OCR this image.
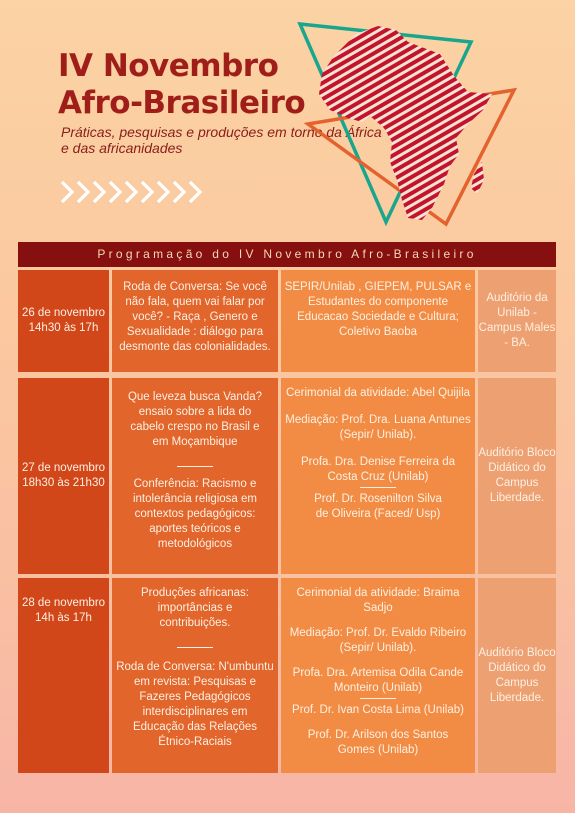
IV Novembro
Afro-Brasileiro
Práticas, pesquisas e produções em torno da África e das africanidades
Programação do IV Novembro Afro-Brasileiro
26 de novembro
14h30 às 17h
Roda de Conversa: Se você
não fala, quem vai falar por
você? - Raça , Genero e
Sexualidade : diálogo para
desmonte das colonialidades.
SEPIR/Unilab , GIEPEM, PULSAR e
Estudantes do componente
Educacao Sociedade e Cultura;
Coletivo Baoba
Auditório da
Unilab -
Campus Males
- BA.
27 de novembro
18h30 às 21h30
Que leveza busca Vanda?
ensaio sobre a lida do
cabelo crespo no Brasil e
em Moçambique
Conferência: Racismo e
intolerância religiosa em
contextos pedagógicos:
aportes teóricos e
metodológicos
Cerimonial da atividade: Abel Quijila
Mediação: Prof. Dra. Luana Antunes
(Sepir/ Unilab).
Profa. Dra. Denise Ferreira da
Costa Cruz (Unilab)
Prof. Dr. Rosenilton Silva
de Oliveira (Faced/ Usp)
Auditório Bloco
Didático do
Campus
Liberdade.
28 de novembro
14h às 17h
Produções africanas:
importâncias e
contribuições.
Roda de Conversa: N'umbuntu
em revista: Pesquisas e
Fazeres Pedagógicos
interdisciplinares em
Educação das Relações
Étnico-Raciais
Cerimonial da atividade: Braima Sadjo
Mediação: Prof. Dr. Evaldo Ribeiro
(Sepir/ Unilab).
Profa. Dra. Artemisa Odila Cande
Monteiro (Unilab)
Prof. Dr. Ivan Costa Lima (Unilab)
Prof. Dr. Arilson dos Santos
Gomes (Unilab)
Auditório Bloco
Didático do
Campus
Liberdade.
